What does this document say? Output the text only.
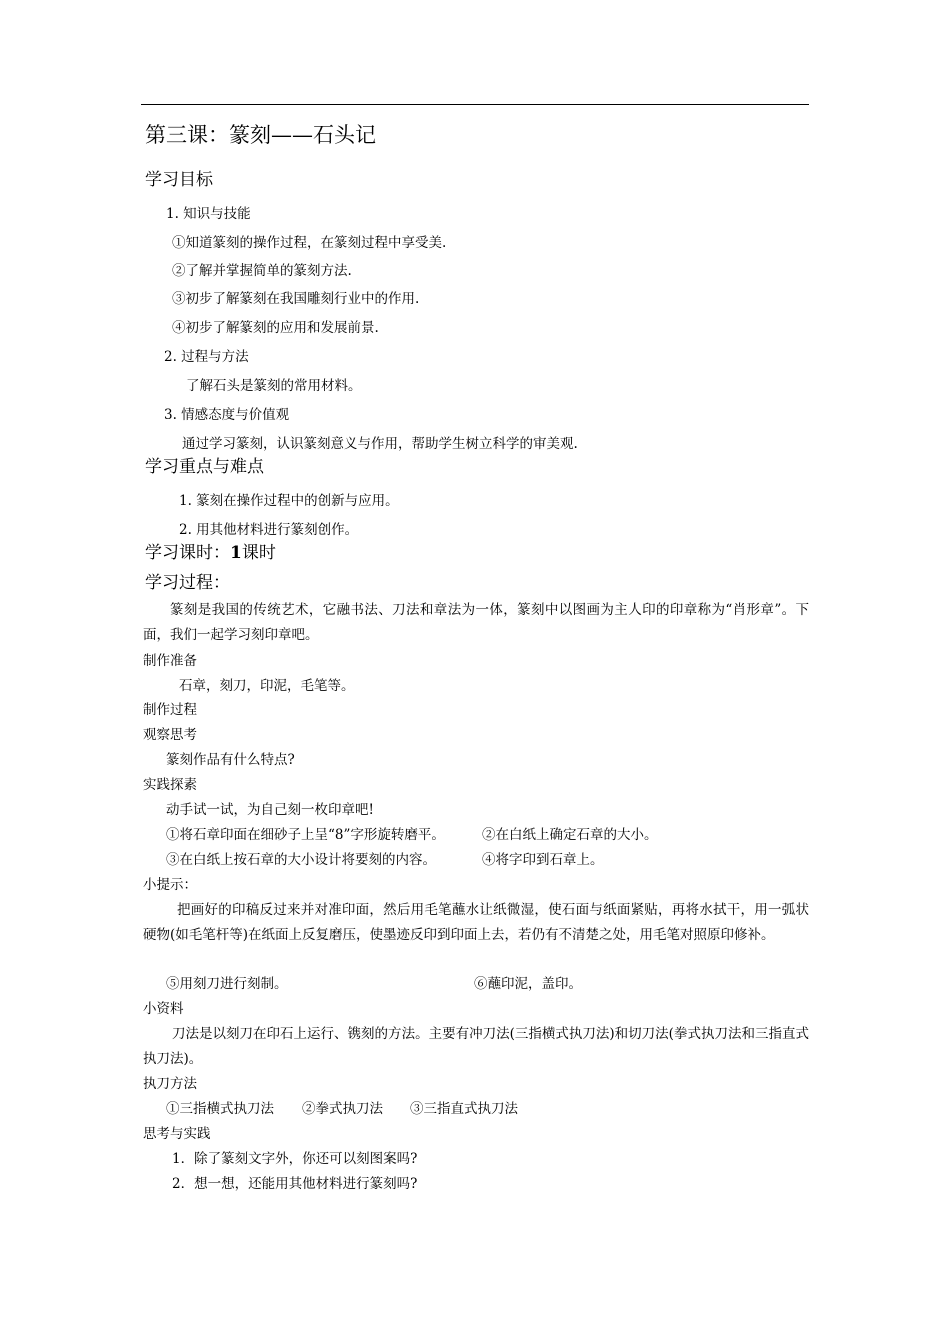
第三课：篆刻——石头记
学习目标
1. 知识与技能
①知道篆刻的操作过程，在篆刻过程中享受美.
②了解并掌握简单的篆刻方法.
③初步了解篆刻在我国雕刻行业中的作用.
④初步了解篆刻的应用和发展前景.
2. 过程与方法
了解石头是篆刻的常用材料。
3. 情感态度与价值观
通过学习篆刻，认识篆刻意义与作用，帮助学生树立科学的审美观.
学习重点与难点
1. 篆刻在操作过程中的创新与应用。
2. 用其他材料进行篆刻创作。
学习课时：1课时
学习过程：
篆刻是我国的传统艺术，它融书法、刀法和章法为一体，篆刻中以图画为主人印的印章称为“肖形章”。下面，我们一起学习刻印章吧。
制作准备
石章，刻刀，印泥，毛笔等。
制作过程
观察思考
篆刻作品有什么特点?
实践探素
动手试一试，为自己刻一枚印章吧!
①将石章印面在细砂子上呈“8”字形旋转磨平。	②在白纸上确定石章的大小。
③在白纸上按石章的大小设计将要刻的内容。	④将字印到石章上。
小提示：
把画好的印稿反过来并对准印面，然后用毛笔蘸水让纸微湿，使石面与纸面紧贴，再将水拭干，用一弧状硬物(如毛笔杆等)在纸面上反复磨压，使墨迹反印到印面上去，若仍有不清楚之处，用毛笔对照原印修补。
⑤用刻刀进行刻制。	⑥蘸印泥，盖印。
小资料
刀法是以刻刀在印石上运行、镌刻的方法。主要有冲刀法(三指横式执刀法)和切刀法(拳式执刀法和三指直式执刀法)。
执刀方法
①三指横式执刀法 ②拳式执刀法 ③三指直式执刀法
思考与实践
1．除了篆刻文字外，你还可以刻图案吗?
2．想一想，还能用其他材料进行篆刻吗?
